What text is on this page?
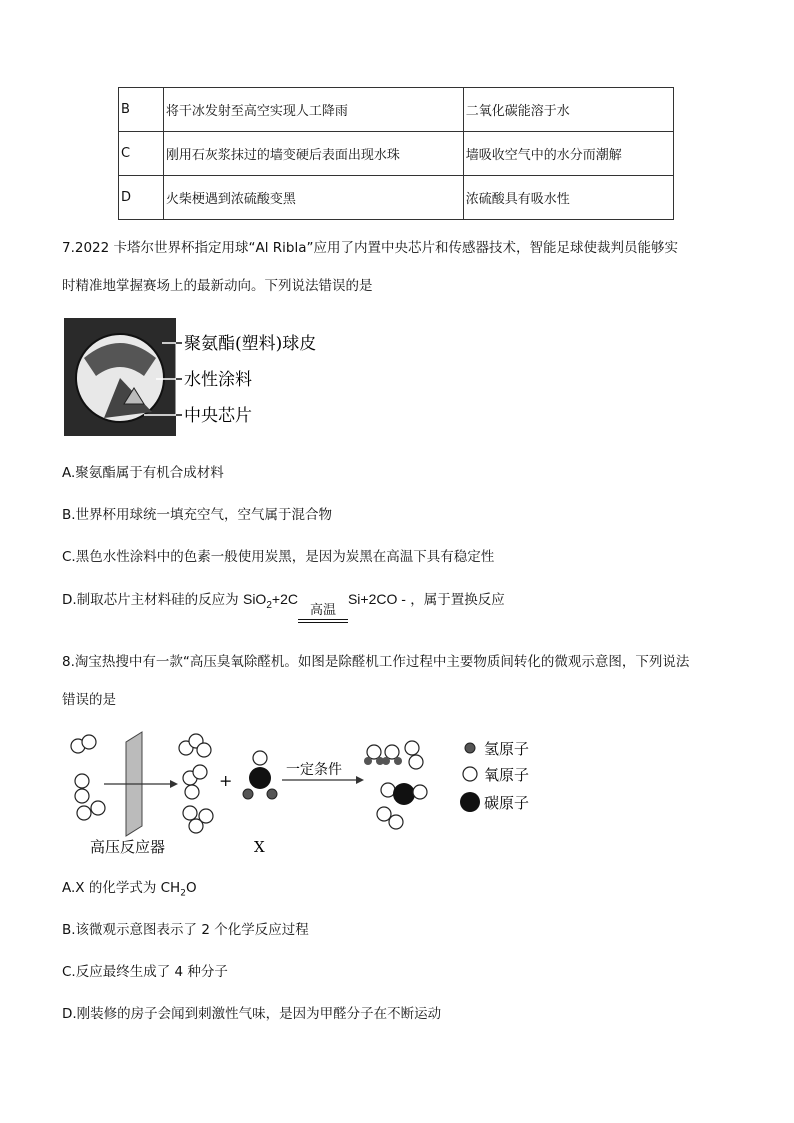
B	将干冰发射至高空实现人工降雨	二氧化碳能溶于水
C	刚用石灰浆抹过的墙变硬后表面出现水珠	墙吸收空气中的水分而潮解
D	火柴梗遇到浓硫酸变黑	浓硫酸具有吸水性
7.2022 卡塔尔世界杯指定用球“Al Ribla”应用了内置中央芯片和传感器技术，智能足球使裁判员能够实
时精准地掌握赛场上的最新动向。下列说法错误的是
聚氨酯(塑料)球皮
水性涂料
中央芯片
A.聚氨酯属于有机合成材料
B.世界杯用球统一填充空气，空气属于混合物
C.黑色水性涂料中的色素一般使用炭黑，是因为炭黑在高温下具有稳定性
D.制取芯片主材料硅的反应为 SiO$_2$+2C
高温
Si+2CO - ，属于置换反应
8.淘宝热搜中有一款“高压臭氧除醛机。如图是除醛机工作过程中主要物质间转化的微观示意图，下列说法
错误的是
+
一定条件
氢原子
氧原子
碳原子
高压反应器	X
A.X 的化学式为 $CH_2O$
B.该微观示意图表示了 2 个化学反应过程
C.反应最终生成了 4 种分子
D.刚装修的房子会闻到刺激性气味，是因为甲醛分子在不断运动
